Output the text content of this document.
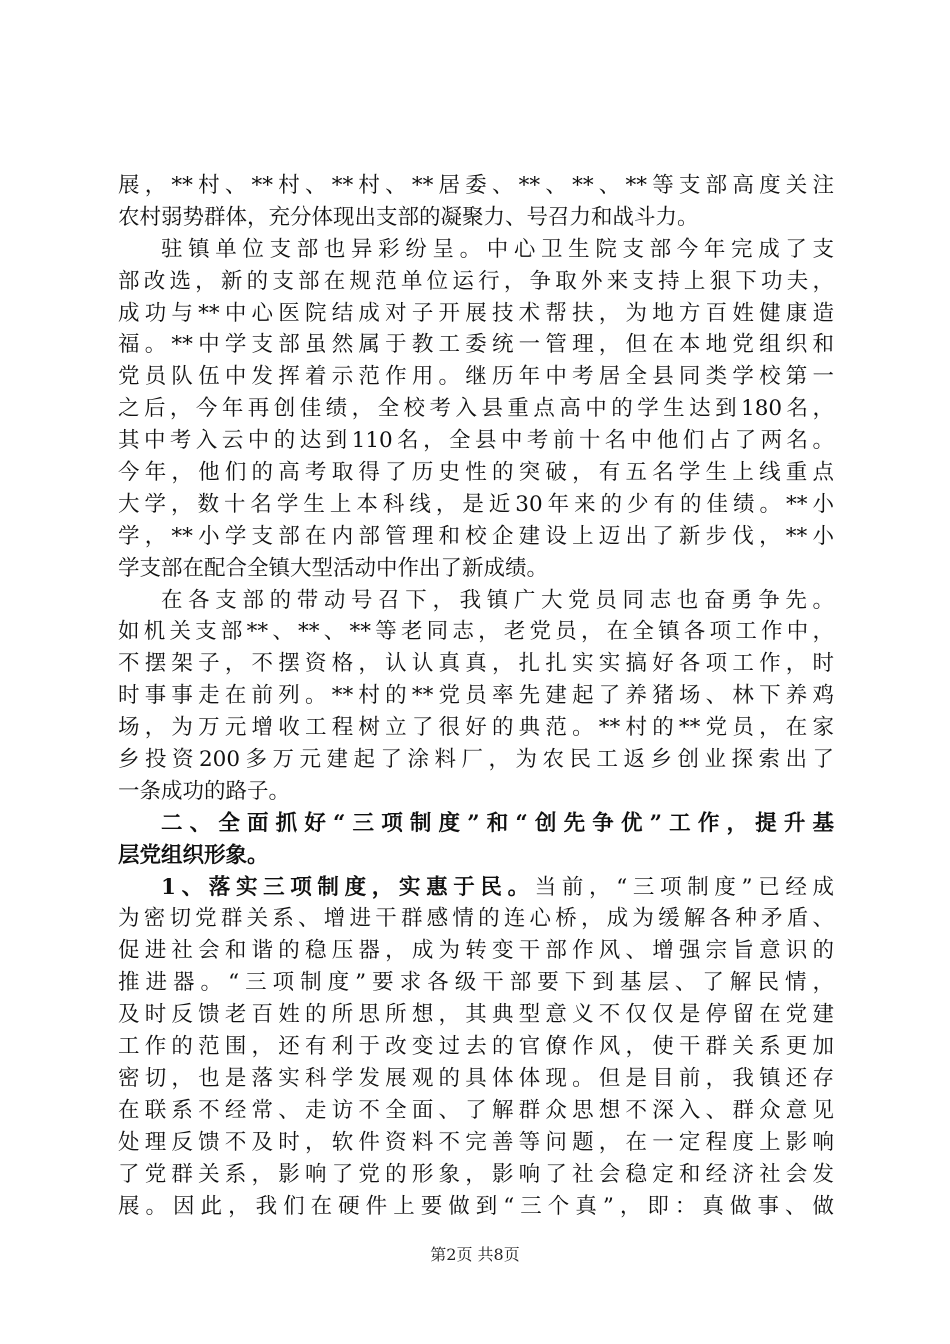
展，**村、**村、**村、**居委、**、**、**等支部高度关注
农村弱势群体，充分体现出支部的凝聚力、号召力和战斗力。
驻镇单位支部也异彩纷呈。中心卫生院支部今年完成了支
部改选，新的支部在规范单位运行，争取外来支持上狠下功夫，
成功与**中心医院结成对子开展技术帮扶，为地方百姓健康造
福。**中学支部虽然属于教工委统一管理，但在本地党组织和
党员队伍中发挥着示范作用。继历年中考居全县同类学校第一
之后，今年再创佳绩，全校考入县重点高中的学生达到180名，
其中考入云中的达到110名，全县中考前十名中他们占了两名。
今年，他们的高考取得了历史性的突破，有五名学生上线重点
大学，数十名学生上本科线，是近30年来的少有的佳绩。**小
学，**小学支部在内部管理和校企建设上迈出了新步伐，**小
学支部在配合全镇大型活动中作出了新成绩。
在各支部的带动号召下，我镇广大党员同志也奋勇争先。
如机关支部**、**、**等老同志，老党员，在全镇各项工作中，
不摆架子，不摆资格，认认真真，扎扎实实搞好各项工作，时
时事事走在前列。**村的**党员率先建起了养猪场、林下养鸡
场，为万元增收工程树立了很好的典范。**村的**党员，在家
乡投资200多万元建起了涂料厂，为农民工返乡创业探索出了
一条成功的路子。
二、全面抓好“三项制度”和“创先争优”工作，提升基
层党组织形象。
1、落实三项制度，实惠于民。当前，“三项制度”已经成
为密切党群关系、增进干群感情的连心桥，成为缓解各种矛盾、
促进社会和谐的稳压器，成为转变干部作风、增强宗旨意识的
推进器。“三项制度”要求各级干部要下到基层、了解民情，
及时反馈老百姓的所思所想，其典型意义不仅仅是停留在党建
工作的范围，还有利于改变过去的官僚作风，使干群关系更加
密切，也是落实科学发展观的具体体现。但是目前，我镇还存
在联系不经常、走访不全面、了解群众思想不深入、群众意见
处理反馈不及时，软件资料不完善等问题，在一定程度上影响
了党群关系，影响了党的形象，影响了社会稳定和经济社会发
展。因此，我们在硬件上要做到“三个真”，即：真做事、做
第2页 共8页
